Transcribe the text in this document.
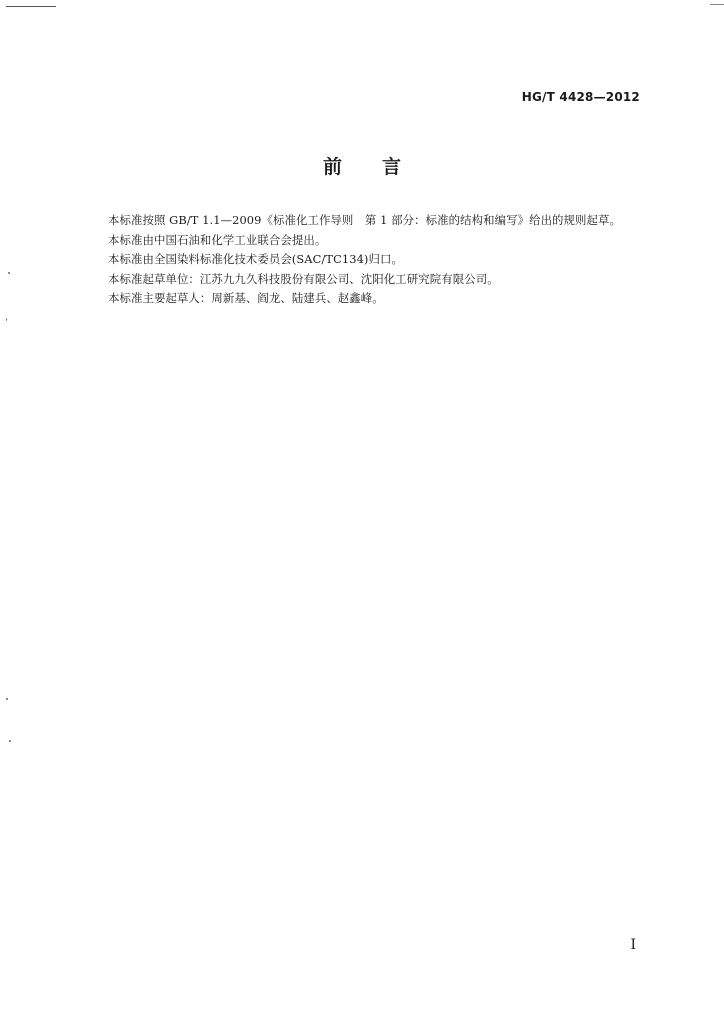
HG/T 4428—2012
前 言
本标准按照 GB/T 1.1—2009《标准化工作导则　第 1 部分：标准的结构和编写》给出的规则起草。
本标准由中国石油和化学工业联合会提出。
本标准由全国染料标准化技术委员会(SAC/TC134)归口。
本标准起草单位：江苏九九久科技股份有限公司、沈阳化工研究院有限公司。
本标准主要起草人：周新基、阎龙、陆建兵、赵鑫峰。
I
